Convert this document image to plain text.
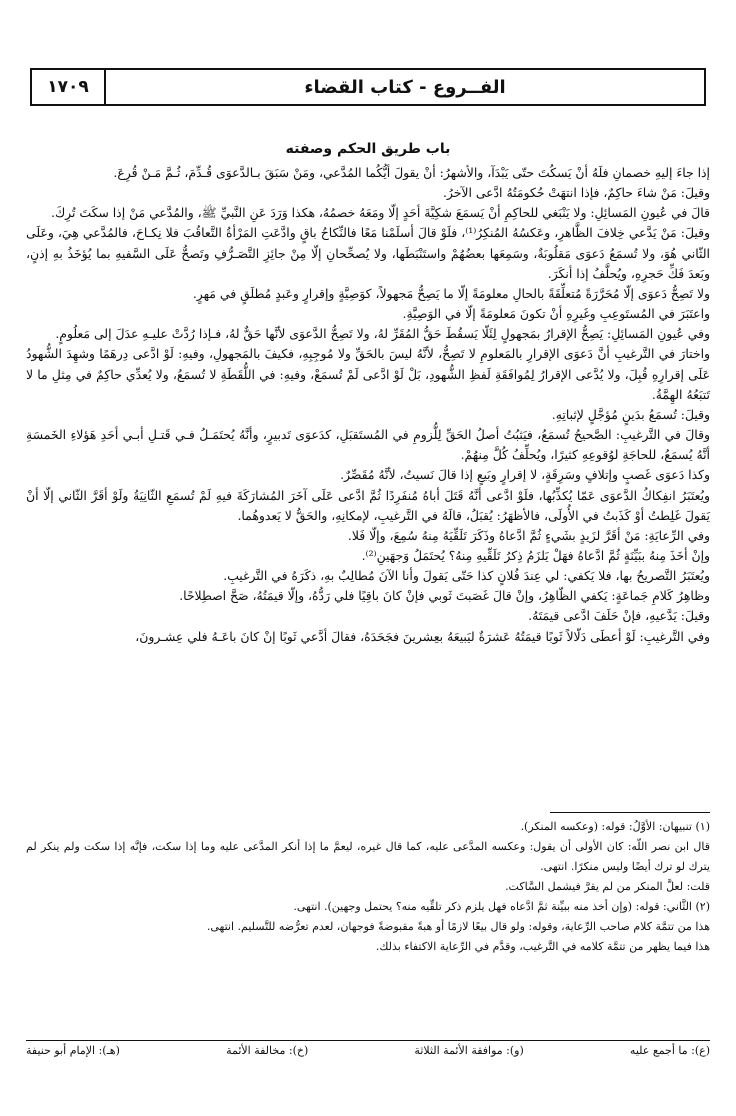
١٧٠٩	الفــروع - كتاب القضاء
باب طريق الحكم وصفته

إذا جاءَ إليهِ خصمانِ فلَهُ أنْ يَسكُتَ حتّى يَبْدَآ، والأشهرُ: أنْ يقولَ أيُّكُما المُدَّعي، ومَنْ سَبَقَ بـالدَّعوَى قُـدِّمَ، ثُـمَّ مَـنْ قُرِعَ.

وقيلَ: مَنْ شاءَ حاكِمٌ، فإذا انتهَتْ حُكومَتُهُ ادَّعى الآخرُ.

قالَ في عُيونِ المَسائِلِ: ولا يَنْبَغي للحاكِمِ أنْ يَسمَعَ شكِيَّةَ أحَدٍ إلّا ومَعَهُ خصمُهُ، هكذا وَرَدَ عَنِ النَّبيِّ ﷺ، والمُدَّعي مَنْ إذا سكَتَ تُرِكَ.

وقيلَ: مَنْ يَدَّعي خِلافَ الظَّاهرِ، وعَكسُهُ المُنكِرُ⁽¹⁾، فلَوْ قالَ أسلَمْنا مَعًا فالنِّكاحُ باقٍ وادَّعَتِ المَرْأةُ التَّعاقُبَ فلا نِكـاحَ، فالمُدَّعي هِيَ، وعَلَى الثّاني هُوَ، ولا تُسمَعُ دَعوَى مَقلُوبَةٌ، وسَمِعَها بعضُهُمْ واستَنْبَطَها، ولا يُصحِّحانِ إلّا مِنْ جائِزِ التَّصَـرُّفِ وتَصحُّ عَلَى السَّفيهِ بما يُؤخَذُ بهِ إذنٍ، وبَعدَ فَكِّ حَجرِهِ، ويُحلَّفُ إذا أنكَرَ.

ولا تَصِحُّ دَعوَى إلّا مُحَرَّرَةً مُتعلِّقَةً بالحالِ معلومَةً إلّا ما يَصِحُّ مَجهولاً، كوَصِيَّةٍ وإقرارٍ وعَبدٍ مُطلَقٍ في مَهرٍ.

واعتَبَرَ في المُستَوعِبِ وغَيرِهِ أنْ تكونَ مَعلومَةً إلّا في الوَصِيَّةِ.

وفي عُيونِ المَسائِلِ: يَصِحُّ الإقرارُ بمَجهولٍ لِئَلّا يَسقُطَ حَقُّ المُقَرِّ لهُ، ولا تَصِحُّ الدَّعوَى لأنَّها حَقٌّ لهُ، فـإذا رُدَّتْ عليـهِ عدَلَ إلى مَعلُومٍ.

واختارَ في التَّرغيبِ أنَّ دَعوَى الإقرارِ بالمَعلومِ لا تَصِحُّ، لأنَّهُ ليسَ بالحَقِّ ولا مُوجِبِهِ، فكيفَ بالمَجهولِ، وفيهِ: لَوْ ادَّعى دِرهَمًا وشهِدَ الشُّهودُ عَلَى إقرارِهِ قُبِلَ، ولا يُدَّعى الإقرارُ لِمُوافَقَةِ لَفظِ الشُّهودِ، بَلْ لَوْ ادَّعى لَمْ تُسمَعْ، وفيهِ: في اللُّقَطَةِ لا تُسمَعُ، ولا يُعدِّي حاكِمٌ في مِثلِ ما لا تَتبَعُهُ الهِمَّةُ.

وقيلَ: تُسمَعُ بدَينٍ مُؤجَّلٍ لإثباتِهِ.

وقالَ في التَّرغيبِ: الصَّحيحُ تُسمَعُ، فيَثبُتُ أصلُ الحَقِّ لِلُّزومِ في المُستَقبَلِ، كدَعوَى تَدبيرٍ، وأنَّهُ يُحتَمَـلُ فـي قَتـلِ أبـي أحَدِ هَؤلاءِ الخَمسَةِ أنَّهُ يُسمَعُ، للحاجَةِ لوُقوعِهِ كثيرًا، ويُحلِّفُ كُلَّ مِنهُمْ.

وكذا دَعوَى غَصبٍ وإتلافٍ وسَرِقَةٍ، لا إقرارٍ وبَيعٍ إذا قالَ نَسيتُ، لأنَّهُ مُقَصِّرٌ.

ويُعتَبَرُ انفِكاكُ الدَّعوَى عَمّا يُكذِّبُها، فلَوْ ادَّعى أنَّهُ قَتَلَ أباهُ مُنفَرِدًا ثُمَّ ادَّعى عَلَى آخَرَ المُشارَكَةَ فيهِ لَمْ تُسمَعِ الثّانِيَةُ ولَوْ أقَرَّ الثّاني إلّا أنْ يَقولَ غَلِطتُ أوْ كَذَبتُ في الأُولَى، فالأظهَرُ: يُقبَلُ، قالَهُ في التَّرغيبِ، لإمكانِهِ، والحَقُّ لا يَعدوهُما.

وفي الرِّعايَةِ: مَنْ أقَرَّ لزَيدٍ بشَيءٍ ثُمَّ ادَّعاهُ وذَكَرَ تَلَقِّيَهُ مِنهُ سُمِعَ، وإلّا فَلا.

وإنْ أخَذَ مِنهُ ببَيِّنَةٍ ثُمَّ ادَّعاهُ فهَلْ يَلزَمُ ذِكرُ تَلَقِّيهِ مِنهُ؟ يُحتَمَلُ وَجهَينِ⁽²⁾.

ويُعتَبَرُ التَّصريحُ بها، فلا يَكفي: لي عِندَ فُلانٍ كذا حَتّى يَقولَ وأنا الآنَ مُطالِبٌ بهِ، ذكَرَهُ في التَّرغيبِ.

وظاهِرُ كَلامِ جَماعَةٍ: يَكفي الظّاهِرُ، وإنْ قالَ غَصَبتَ ثَوبي فإنْ كانَ باقِيًا فلي رَدُّهُ، وإلّا قيمَتُهُ، صَحَّ اصطِلاحًا.

وقيلَ: يَدَّعيهِ، فإنْ حَلَفَ ادَّعى قيمَتَهُ.

وفي التَّرغيبِ: لَوْ أعطَى دَلّالاً ثَوبًا قيمَتُهُ عَشرَةٌ ليَبيعَهُ بعِشرينَ فجَحَدَهُ، فقالَ أدَّعي ثَوبًا إنْ كانَ باعَـهُ فلي عِشـرونَ،

(١) تنبيهان: الأوَّلُ: قوله: (وعكسه المنكر).

قال ابن نصر اللّه: كان الأولى أن يقول: وعكسه المدَّعى عليه، كما قال غيره، ليعمَّ ما إذا أنكر المدَّعى عليه وما إذا سكت، فإنَّه إذا سكت ولم ينكر لم يترك لو ترك أيضًا وليس منكرًا. انتهى.

قلت: لعلَّ المنكر من لم يقرَّ فيشمل السَّاكت.

(٢) الثَّاني: قوله: (وإن أخذ منه ببيِّنة ثمَّ ادَّعاه فهل يلزم ذكر تلقِّيه منه؟ يحتمل وجهين). انتهى.

هذا من تتمَّة كلام صاحب الرِّعاية، وقوله: ولو قال بيعًا لازمًا أو هبةً مقبوضةً فوجهان، لعدم تعرُّضه للتَّسليم. انتهى.

هذا فيما يظهر من تتمَّة كلامه في التَّرغيب، وقدَّم في الرِّعاية الاكتفاء بذلك.

(ع): ما أجمع عليه
(و): موافقة الأئمة الثلاثة
(خ): مخالفة الأئمة
(هـ): الإمام أبو حنيفة
